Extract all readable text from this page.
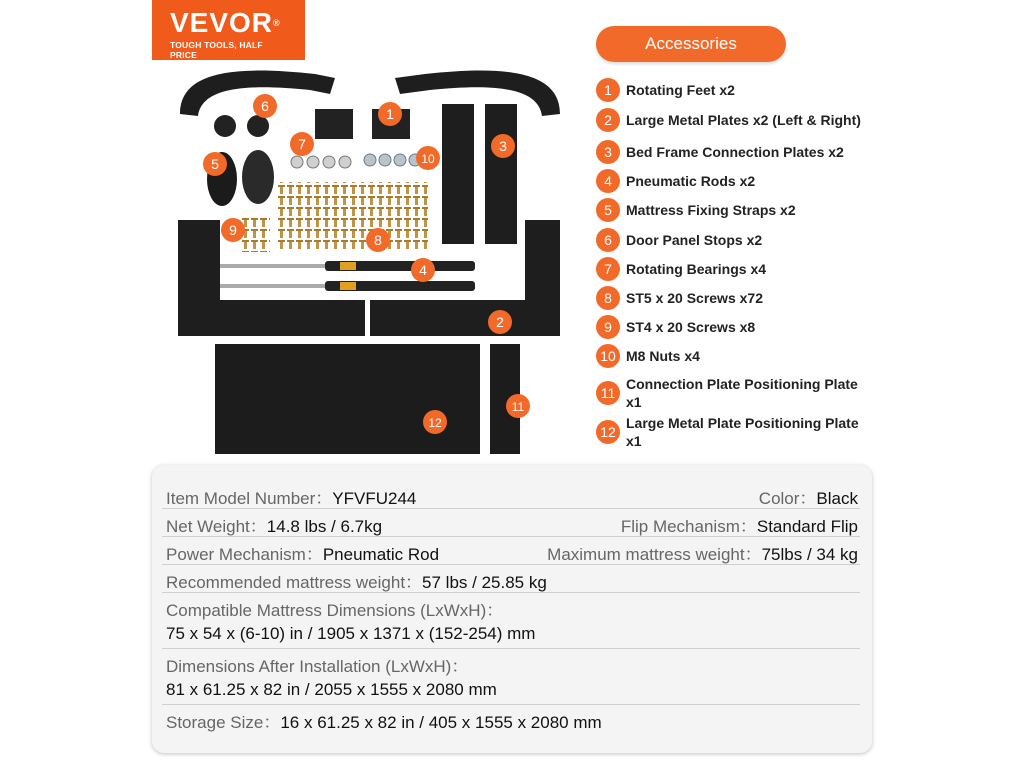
VEVOR®
TOUGH TOOLS, HALF PRICE
1
2
3
4
5
6
7
8
9
10
11
12
Accessories
1	Rotating Feet x2
2	Large Metal Plates x2 (Left & Right)
3	Bed Frame Connection Plates x2
4	Pneumatic Rods x2
5	Mattress Fixing Straps x2
6	Door Panel Stops x2
7	Rotating Bearings x4
8	ST5 x 20 Screws x72
9	ST4 x 20 Screws x8
10 M8 Nuts x4
11
Connection Plate Positioning Plate x1
12
Large Metal Plate Positioning Plate x1
Item Model Number：YFVFU244	Color：Black
Net Weight：14.8 lbs / 6.7kg	Flip Mechanism：Standard Flip
Power Mechanism：Pneumatic Rod	Maximum mattress weight：75lbs / 34 kg
Recommended mattress weight：57 lbs / 25.85 kg
Compatible Mattress Dimensions (LxWxH)：
75 x 54 x (6-10) in / 1905 x 1371 x (152-254) mm
Dimensions After Installation (LxWxH)：
81 x 61.25 x 82 in / 2055 x 1555 x 2080 mm
Storage Size：16 x 61.25 x 82 in / 405 x 1555 x 2080 mm
